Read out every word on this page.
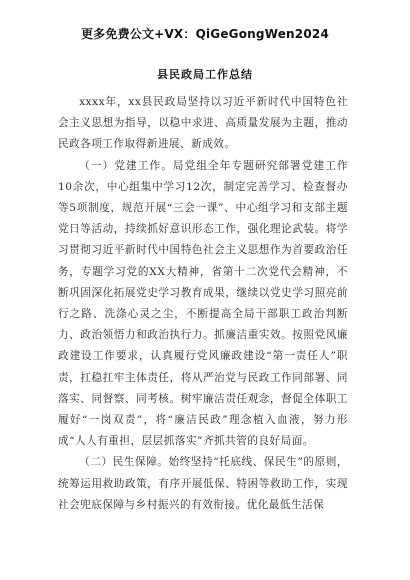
更多免费公文+VX：QiGeGongWen2024
县民政局工作总结

xxxx年，xx县民政局坚持以习近平新时代中国特色社会主义思想为指导，以稳中求进、高质量发展为主题，推动民政各项工作取得新进展、新成效。

（一）党建工作。局党组全年专题研究部署党建工作10余次，中心组集中学习12次，制定完善学习、检查督办等5项制度，规范开展“三会一课”、中心组学习和支部主题党日等活动，持续抓好意识形态工作，强化理论武装。将学习贯彻习近平新时代中国特色社会主义思想作为首要政治任务，专题学习党的XX大精神，省第十二次党代会精神，不断巩固深化拓展党史学习教育成果，继续以党史学习照亮前行之路、洗涤心灵之尘，不断提高全局干部职工政治判断力、政治领悟力和政治执行力。抓廉洁重实效。按照党风廉政建设工作要求，认真履行党风廉政建设“第一责任人”职责，扛稳扛牢主体责任，将从严治党与民政工作同部署、同落实、同督察、同考核。树牢廉洁责任观念，督促全体职工履好“一岗双责”，将“廉洁民政”理念植入血液，努力形成“人人有重担，层层抓落实”齐抓共管的良好局面。

（二）民生保障。始终坚持“托底线、保民生”的原则，统筹运用救助政策，有序开展低保、特困等救助工作，实现社会兜底保障与乡村振兴的有效衔接。优化最低生活保
